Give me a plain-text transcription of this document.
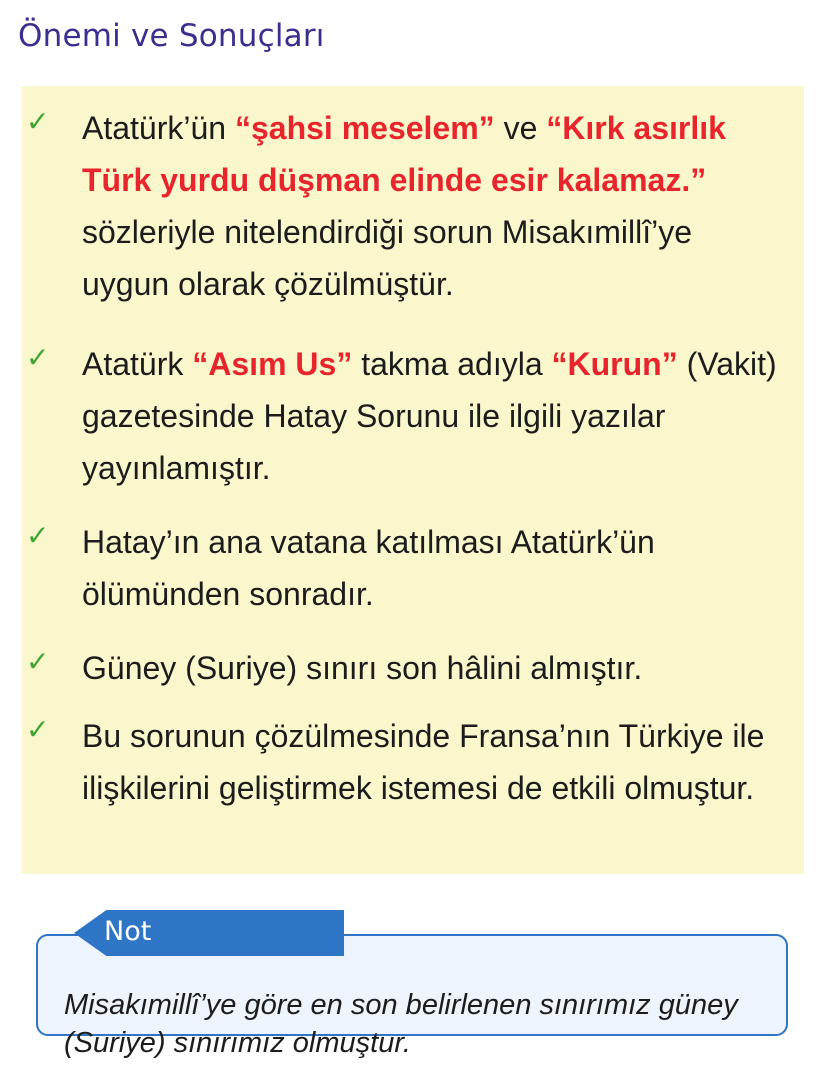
Önemi ve Sonuçları
✓ Atatürk’ün “şahsi meselem” ve “Kırk asırlık Türk yurdu düşman elinde esir kalamaz.” sözleriyle nitelendirdiği sorun Misakımillî’ye uygun olarak çözülmüştür.
✓ Atatürk “Asım Us” takma adıyla “Kurun” (Vakit) gazetesinde Hatay Sorunu ile ilgili yazılar yayınlamıştır.
✓ Hatay’ın ana vatana katılması Atatürk’ün ölümünden sonradır.
✓ Güney (Suriye) sınırı son hâlini almıştır.
✓ Bu sorunun çözülmesinde Fransa’nın Türkiye ile ilişkilerini geliştirmek istemesi de etkili olmuştur.
Misakımillî’ye göre en son belirlenen sınırımız güney (Suriye) sınırımız olmuştur.
Not
